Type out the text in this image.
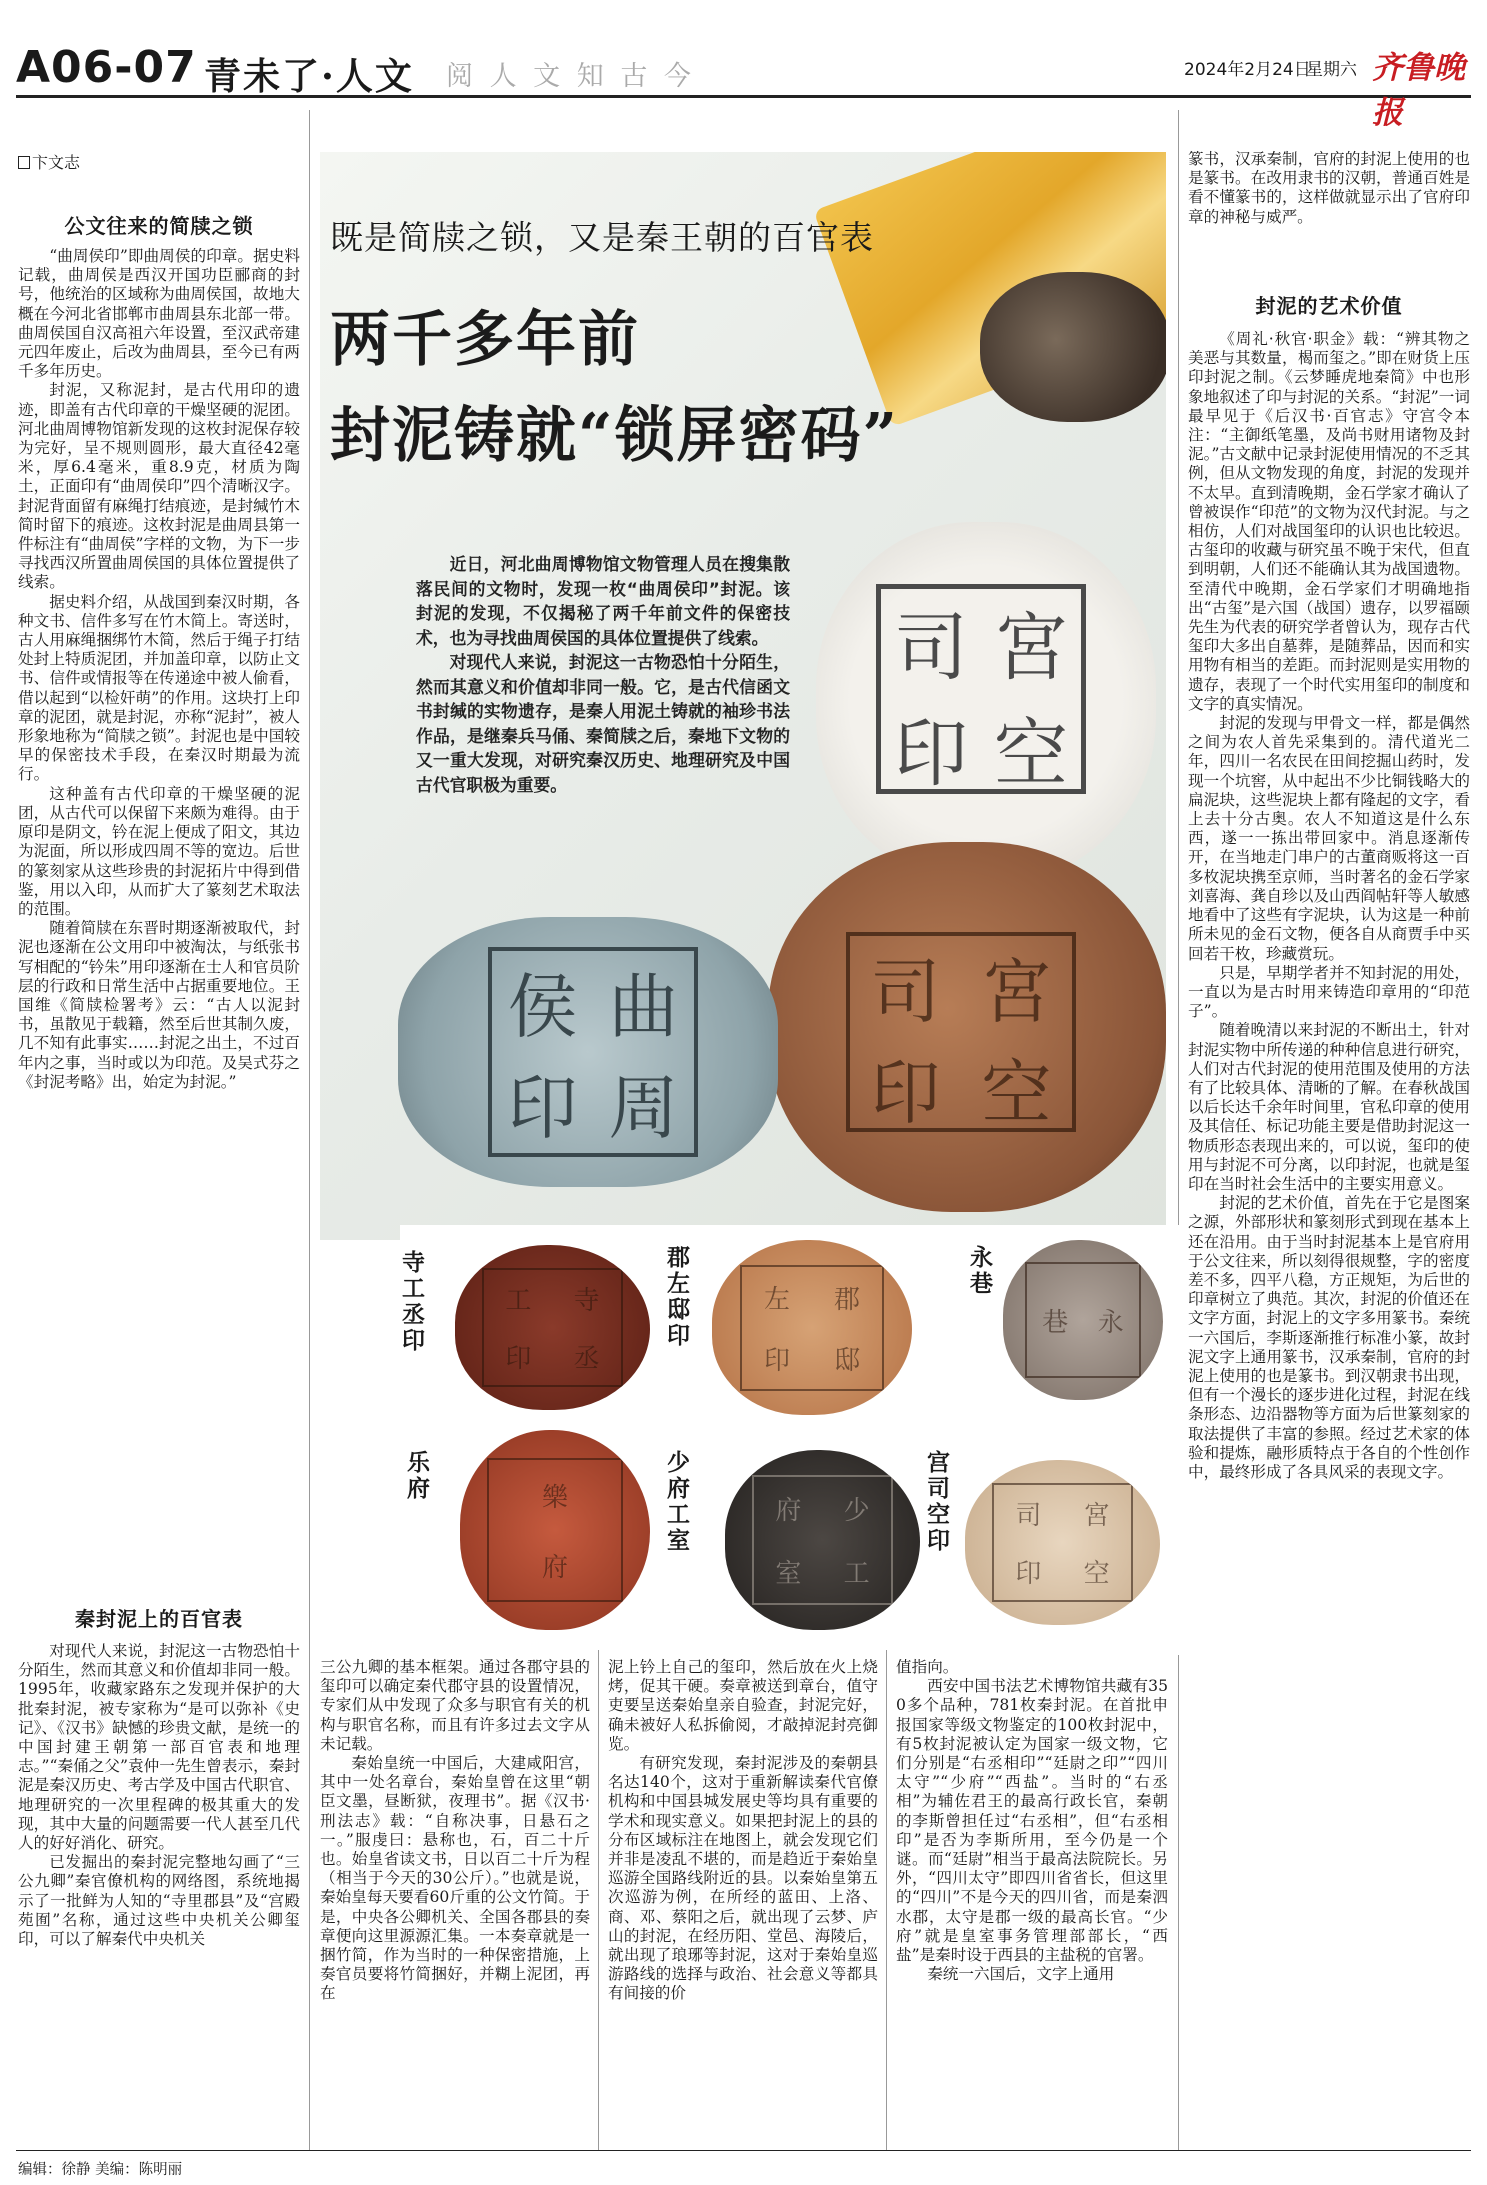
A06-07 青未了·人文 阅 人 文 知 古 今	2024年2月24日
星期六 齐鲁晚报
卞文志
公文往来的简牍之锁

“曲周侯印”即曲周侯的印章。据史料记载，曲周侯是西汉开国功臣郦商的封号，他统治的区域称为曲周侯国，故地大概在今河北省邯郸市曲周县东北部一带。曲周侯国自汉高祖六年设置，至汉武帝建元四年废止，后改为曲周县，至今已有两千多年历史。

封泥，又称泥封，是古代用印的遗迹，即盖有古代印章的干燥坚硬的泥团。河北曲周博物馆新发现的这枚封泥保存较为完好，呈不规则圆形，最大直径42毫米，厚6.4毫米，重8.9克，材质为陶土，正面印有“曲周侯印”四个清晰汉字。封泥背面留有麻绳打结痕迹，是封缄竹木简时留下的痕迹。这枚封泥是曲周县第一件标注有“曲周侯”字样的文物，为下一步寻找西汉所置曲周侯国的具体位置提供了线索。

据史料介绍，从战国到秦汉时期，各种文书、信件多写在竹木简上。寄送时，古人用麻绳捆绑竹木简，然后于绳子打结处封上特质泥团，并加盖印章，以防止文书、信件或情报等在传递途中被人偷看，借以起到“以检奸萌”的作用。这块打上印章的泥团，就是封泥，亦称“泥封”，被人形象地称为“简牍之锁”。封泥也是中国较早的保密技术手段，在秦汉时期最为流行。

这种盖有古代印章的干燥坚硬的泥团，从古代可以保留下来颇为难得。由于原印是阴文，钤在泥上便成了阳文，其边为泥面，所以形成四周不等的宽边。后世的篆刻家从这些珍贵的封泥拓片中得到借鉴，用以入印，从而扩大了篆刻艺术取法的范围。

随着简牍在东晋时期逐渐被取代，封泥也逐渐在公文用印中被淘汰，与纸张书写相配的“钤朱”用印逐渐在士人和官员阶层的行政和日常生活中占据重要地位。王国维《简牍检署考》云：“古人以泥封书，虽散见于载籍，然至后世其制久废，几不知有此事实……封泥之出土，不过百年内之事，当时或以为印范。及吴式芬之《封泥考略》出，始定为封泥。”

秦封泥上的百官表

对现代人来说，封泥这一古物恐怕十分陌生，然而其意义和价值却非同一般。1995年，收藏家路东之发现并保护的大批秦封泥，被专家称为“是可以弥补《史记》、《汉书》缺憾的珍贵文献，是统一的中国封建王朝第一部百官表和地理志。”“秦俑之父”袁仲一先生曾表示，秦封泥是秦汉历史、考古学及中国古代职官、地理研究的一次里程碑的极其重大的发现，其中大量的问题需要一代人甚至几代人的好好消化、研究。

已发掘出的秦封泥完整地勾画了“三公九卿”秦官僚机构的网络图，系统地揭示了一批鲜为人知的“寺里郡县”及“宫殿苑囿”名称，通过这些中央机关公卿玺印，可以了解秦代中央机关

既是简牍之锁，又是秦王朝的百官表
两千多年前
封泥铸就“锁屏密码”
司 宮
印 空
司 宮
印 空
侯 曲
印 周

近日，河北曲周博物馆文物管理人员在搜集散落民间的文物时，发现一枚“曲周侯印”封泥。该封泥的发现，不仅揭秘了两千年前文件的保密技术，也为寻找曲周侯国的具体位置提供了线索。

对现代人来说，封泥这一古物恐怕十分陌生，然而其意义和价值却非同一般。它，是古代信函文书封缄的实物遗存，是秦人用泥土铸就的袖珍书法作品，是继秦兵马俑、秦简牍之后，秦地下文物的又一重大发现，对研究秦汉历史、地理研究及中国古代官职极为重要。

寺工丞印	工	寺
印	丞
郡左邸印	左	郡
印	邸
永巷
巷	永
乐府	樂
府
少府工室	府	少
室	工
宫司空印	司	宮
印	空

三公九卿的基本框架。通过各郡守县的玺印可以确定秦代郡守县的设置情况，专家们从中发现了众多与职官有关的机构与职官名称，而且有许多过去文字从未记载。

秦始皇统一中国后，大建咸阳宫，其中一处名章台，秦始皇曾在这里“朝臣文墨，昼断狱，夜理书”。据《汉书·刑法志》载：“自称决事，日悬石之一。”服虔曰：悬称也，石，百二十斤也。始皇省读文书，日以百二十斤为程（相当于今天的30公斤）。”也就是说，秦始皇每天要看60斤重的公文竹简。于是，中央各公卿机关、全国各郡县的奏章便向这里源源汇集。一本奏章就是一捆竹简，作为当时的一种保密措施，上奏官员要将竹简捆好，并糊上泥团，再在

泥上钤上自己的玺印，然后放在火上烧烤，促其干硬。奏章被送到章台，值守吏要呈送秦始皇亲自验查，封泥完好，确未被好人私拆偷阅，才敲掉泥封亮御览。

有研究发现，秦封泥涉及的秦朝县名达140个，这对于重新解读秦代官僚机构和中国县城发展史等均具有重要的学术和现实意义。如果把封泥上的县的分布区域标注在地图上，就会发现它们并非是凌乱不堪的，而是趋近于秦始皇巡游全国路线附近的县。以秦始皇第五次巡游为例，在所经的蓝田、上洛、商、邓、蔡阳之后，就出现了云梦、庐山的封泥，在经历阳、堂邑、海陵后，就出现了琅琊等封泥，这对于秦始皇巡游路线的选择与政治、社会意义等都具有间接的价

值指向。

西安中国书法艺术博物馆共藏有350多个品种，781枚秦封泥。在首批申报国家等级文物鉴定的100枚封泥中，有5枚封泥被认定为国家一级文物，它们分别是“右丞相印”“廷尉之印”“四川太守”“少府”“西盐”。当时的“右丞相”为辅佐君王的最高行政长官，秦朝的李斯曾担任过“右丞相”，但“右丞相印”是否为李斯所用，至今仍是一个谜。而“廷尉”相当于最高法院院长。另外，“四川太守”即四川省省长，但这里的“四川”不是今天的四川省，而是秦泗水郡，太守是郡一级的最高长官。“少府”就是皇室事务管理部部长，“西盐”是秦时设于西县的主盐税的官署。

秦统一六国后，文字上通用

篆书，汉承秦制，官府的封泥上使用的也是篆书。在改用隶书的汉朝，普通百姓是看不懂篆书的，这样做就显示出了官府印章的神秘与威严。

封泥的艺术价值

《周礼·秋官·职金》载：“辨其物之美恶与其数量，楬而玺之。”即在财货上压印封泥之制。《云梦睡虎地秦简》中也形象地叙述了印与封泥的关系。“封泥”一词最早见于《后汉书·百官志》守宫令本注：“主御纸笔墨，及尚书财用诸物及封泥。”古文献中记录封泥使用情况的不乏其例，但从文物发现的角度，封泥的发现并不太早。直到清晚期，金石学家才确认了曾被误作“印范”的文物为汉代封泥。与之相仿，人们对战国玺印的认识也比较迟。古玺印的收藏与研究虽不晚于宋代，但直到明朝，人们还不能确认其为战国遗物。至清代中晚期，金石学家们才明确地指出“古玺”是六国（战国）遗存，以罗福颐先生为代表的研究学者曾认为，现存古代玺印大多出自墓葬，是随葬品，因而和实用物有相当的差距。而封泥则是实用物的遗存，表现了一个时代实用玺印的制度和文字的真实情况。

封泥的发现与甲骨文一样，都是偶然之间为农人首先采集到的。清代道光二年，四川一名农民在田间挖掘山药时，发现一个坑窖，从中起出不少比铜钱略大的扁泥块，这些泥块上都有隆起的文字，看上去十分古奥。农人不知道这是什么东西，遂一一拣出带回家中。消息逐渐传开，在当地走门串户的古董商贩将这一百多枚泥块携至京师，当时著名的金石学家刘喜海、龚自珍以及山西阎帖轩等人敏感地看中了这些有字泥块，认为这是一种前所未见的金石文物，便各自从商贾手中买回若干枚，珍藏赏玩。

只是，早期学者并不知封泥的用处，一直以为是古时用来铸造印章用的“印范子”。

随着晚清以来封泥的不断出土，针对封泥实物中所传递的种种信息进行研究，人们对古代封泥的使用范围及使用的方法有了比较具体、清晰的了解。在春秋战国以后长达千余年时间里，官私印章的使用及其信任、标记功能主要是借助封泥这一物质形态表现出来的，可以说，玺印的使用与封泥不可分离，以印封泥，也就是玺印在当时社会生活中的主要实用意义。

封泥的艺术价值，首先在于它是图案之源，外部形状和篆刻形式到现在基本上还在沿用。由于当时封泥基本上是官府用于公文往来，所以刻得很规整，字的密度差不多，四平八稳，方正规矩，为后世的印章树立了典范。其次，封泥的价值还在文字方面，封泥上的文字多用篆书。秦统一六国后，李斯逐渐推行标准小篆，故封泥文字上通用篆书，汉承秦制，官府的封泥上使用的也是篆书。到汉朝隶书出现，但有一个漫长的逐步进化过程，封泥在线条形态、边沿器物等方面为后世篆刻家的取法提供了丰富的参照。经过艺术家的体验和提炼，融形质特点于各自的个性创作中，最终形成了各具风采的表现文字。

编辑：徐静 美编：陈明丽
